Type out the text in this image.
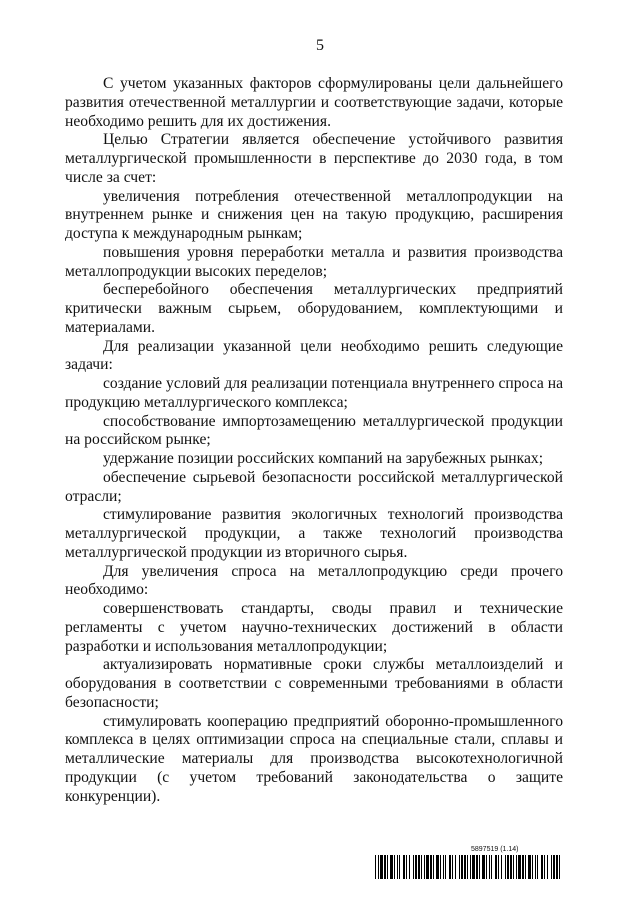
5

С учетом указанных факторов сформулированы цели дальнейшего развития отечественной металлургии и соответствующие задачи, которые необходимо решить для их достижения.

Целью Стратегии является обеспечение устойчивого развития металлургической промышленности в перспективе до 2030 года, в том числе за счет:

увеличения потребления отечественной металлопродукции на внутреннем рынке и снижения цен на такую продукцию, расширения доступа к международным рынкам;

повышения уровня переработки металла и развития производства металлопродукции высоких переделов;

бесперебойного обеспечения металлургических предприятий критически важным сырьем, оборудованием, комплектующими и материалами.

Для реализации указанной цели необходимо решить следующие задачи:

создание условий для реализации потенциала внутреннего спроса на продукцию металлургического комплекса;

способствование импортозамещению металлургической продукции на российском рынке;

удержание позиции российских компаний на зарубежных рынках;

обеспечение сырьевой безопасности российской металлургической отрасли;

стимулирование развития экологичных технологий производства металлургической продукции, а также технологий производства металлургической продукции из вторичного сырья.

Для увеличения спроса на металлопродукцию среди прочего необходимо:

совершенствовать стандарты, своды правил и технические регламенты с учетом научно-технических достижений в области разработки и использования металлопродукции;

актуализировать нормативные сроки службы металлоизделий и оборудования в соответствии с современными требованиями в области безопасности;

стимулировать кооперацию предприятий оборонно-промышленного комплекса в целях оптимизации спроса на специальные стали, сплавы и металлические материалы для производства высокотехнологичной продукции (с учетом требований законодательства о защите конкуренции).

5897519 (1.14)
